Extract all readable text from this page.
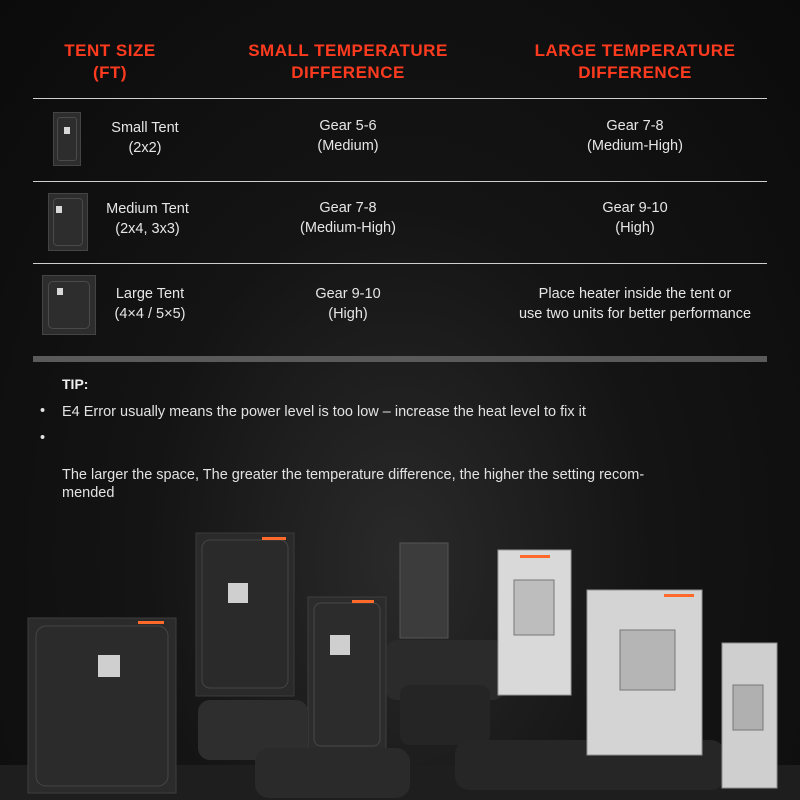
TENT SIZE
(FT)
SMALL TEMPERATURE
DIFFERENCE
LARGE TEMPERATURE
DIFFERENCE
Small Tent
(2x2)
Gear 5-6
(Medium)
Gear 7-8
(Medium-High)
Medium Tent
(2x4, 3x3)
Gear 7-8
(Medium-High)
Gear 9-10
(High)
Large Tent
(4×4 / 5×5)
Gear 9-10
(High)
Place heater inside the tent or
use two units for better performance
TIP:
• E4 Error usually means the power level is too low – increase the heat level to fix it

•

The larger the space, The greater the temperature difference, the higher the setting recom-
mended
